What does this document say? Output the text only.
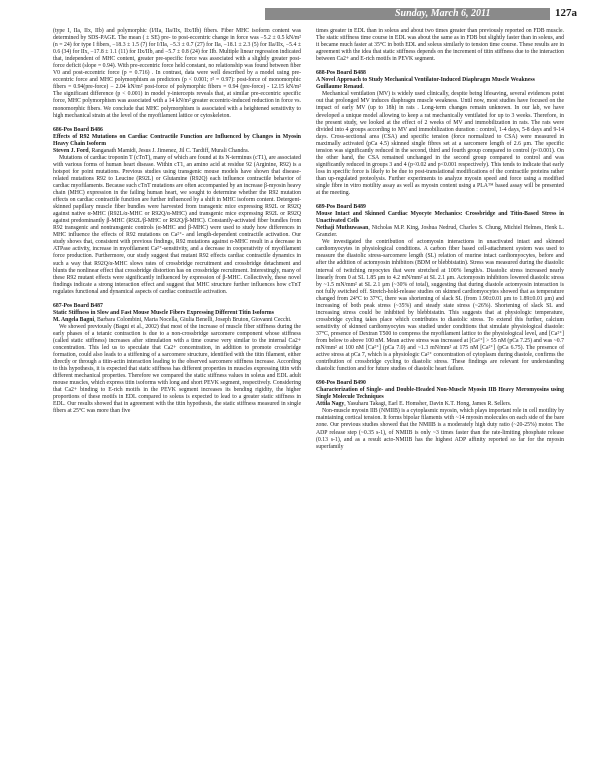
Sunday, March 6, 2011	127a

(type I, IIa, IIx, IIb) and polymorphic (I/IIa, IIa/IIx, IIx/IIb) fibers. Fiber MHC isoform content was determined by SDS-PAGE. The mean ( ± SE) pre- to post-eccentric change in force was −5.2 ± 0.5 kN/m² (n = 24) for type I fibers, −18.3 ± 1.5 (7) for I/IIa, −5.3 ± 0.7 (27) for IIa, −18.1 ± 2.3 (5) for IIa/IIx, −5.4 ± 0.6 (34) for IIx, −17.8 ± 1.1 (11) for IIx/IIb, and −5.7 ± 0.8 (24) for IIb. Multiple linear regression indicated that, independent of MHC content, greater pre-specific force was associated with a slightly greater post-force deficit (slope = 0.94). With pre-eccentric force held constant, no relationship was found between fiber V0 and post-eccentric force (p = 0.716) . In contrast, data were well described by a model using pre-eccentric force and MHC polymorphism as predictors (p < 0.001; r² = 0.97): post-force of monomorphic fibers = 0.94(pre-force) − 2.04 kN/m² post-force of polymorphic fibers = 0.94 (pre-force) - 12.15 kN/m² The significant difference (p < 0.001) in model y-intercepts reveals that, at similar pre-eccentric specific force, MHC polymorphism was associated with a 14 kN/m² greater eccentric-induced reduction in force vs. monomorphic fibers. We conclude that MHC polymorphism is associated with a heightened sensitivity to high mechanical strain at the level of the myofilament lattice or cytoskeleton.

686-Pos Board B486
Effects of R92 Mutations on Cardiac Contractile Function are Influenced by Changes in Myosin Heavy Chain Isoform
Steven J. Ford, Ranganath Mamidi, Jesus J. Jimenez, Jil C. Tardiff, Murali Chandra.

Mutations of cardiac troponin T (cTnT), many of which are found at its N-terminus (cT1), are associated with various forms of human heart disease. Within cT1, an amino acid at residue 92 (Arginine, R92) is a hotspot for point mutations. Previous studies using transgenic mouse models have shown that disease-related mutations R92 to Leucine (R92L) or Glutamine (R92Q) each influence contractile behavior of cardiac myofilaments. Because such cTnT mutations are often accompanied by an increase β-myosin heavy chain (MHC) expression in the failing human heart, we sought to determine whether the R92 mutation effects on cardiac contractile function are further influenced by a shift in MHC isoform content. Detergent-skinned papillary muscle fiber bundles were harvested from transgenic mice expressing R92L or R92Q against native α-MHC (R92L/α-MHC or R92Q/α-MHC) and transgenic mice expressing R92L or R92Q against predominantly β-MHC (R92L/β-MHC or R92Q/β-MHC). Constantly-activated fiber bundles from R92 transgenic and nontransgenic controls (α-MHC and β-MHC) were used to study how differences in MHC influence the effects of R92 mutations on Ca²⁺- and length-dependent contractile activation. Our study shows that, consistent with previous findings, R92 mutations against α-MHC result in a decrease in ATPase activity, increase in myofilament Ca²⁺-sensitivity, and a decrease in cooperativity of myofilament force production. Furthermore, our study suggest that mutant R92 effects cardiac contractile dynamics in such a way that R92Q/α-MHC slows rates of crossbridge recruitment and crossbridge detachment and blunts the nonlinear effect that crossbridge distortion has on crossbridge recruitment. Interestingly, many of these R92 mutant effects were significantly influenced by expression of β-MHC. Collectively, these novel findings indicate a strong interaction effect and suggest that MHC structure further influences how cTnT regulates functional and dynamical aspects of cardiac contractile activation.

687-Pos Board B487
Static Stiffness in Slow and Fast Mouse Muscle Fibers Expressing Different Titin Isoforms
M. Angela Bagni, Barbara Colombini, Marta Nocella, Giulia Benelli, Joseph Bruton, Giovanni Cecchi.

We showed previously (Bagni et al., 2002) that most of the increase of muscle fiber stiffness during the early phases of a tetanic contraction is due to a non-crossbridge sarcomere component whose stiffness (called static stiffness) increases after stimulation with a time course very similar to the internal Ca2+ concentration. This led us to speculate that Ca2+ concentration, in addition to promote crossbridge formation, could also leads to a stiffening of a sarcomere structure, identified with the titin filament, either directly or through a titin-actin interaction leading to the observed sarcomere stiffness increase. According to this hypothesis, it is expected that static stiffness has different properties in muscles expressing titin with different mechanical properties. Therefore we compared the static stiffness values in soleus and EDL adult mouse muscles, which express titin isoforms with long and short PEVK segment, respectively. Considering that Ca2+ binding to E-rich motifs in the PEVK segment increases its bending rigidity, the higher proportions of these motifs in EDL compared to soleus is expected to lead to a greater static stiffness in EDL. Our results showed that in agreement with the titin hypothesis, the static stiffness measured in single fibers at 25°C was more than five

times greater in EDL than in soleus and about two times greater than previously reported on FDB muscle. The static stiffness time course in EDL was about the same as in FDB but slightly faster than in soleus, and it became much faster at 35°C in both EDL and soleus similarly to tension time course. These results are in agreement with the idea that static stiffness depends on the increment of titin stiffness due to the interaction between Ca2+ and E-rich motifs in PEVK segment.

688-Pos Board B488
A Novel Approach to Study Mechanical Ventilator-Induced Diaphragm Muscle Weakness
Guillaume Renaud.

Mechanical ventilation (MV) is widely used clinically, despite being lifesaving, several evidences point out that prolonged MV induces diaphragm muscle weakness. Until now, most studies have focused on the impact of early MV (up to 18h) in rats . Long-term changes remain unknown. In our lab, we have developed a unique model allowing to keep a rat mechanically ventilated for up to 3 weeks. Therefore, in the present study, we looked at the effect of 2 weeks of MV and immobilization in rats. The rats were divided into 4 groups according to MV and immobilization duration : control, 1-4 days, 5-8 days and 9-14 days. Cross-sectional area (CSA) and specific tension (force normalized to CSA) were measured in maximally activated (pCa 4.5) skinned single fibres set at a sarcomere length of 2.6 μm. The specific tension was significantly reduced in the second, third and fourth group compared to control (p<0.001). On the other hand, the CSA remained unchanged in the second group compared to control and was significantly reduced in groups 3 and 4 (p<0.02 and p<0.001 respectively). This tends to indicate that early loss in specific force is likely to be due to post-translational modifications of the contractile proteins rather than up-regulated proteolysis. Further experiments to analyze myosin speed and force using a modified single fibre in vitro motility assay as well as myosin content using a PLA™ based assay will be presented at the meeting.

689-Pos Board B489
Mouse Intact and Skinned Cardiac Myocyte Mechanics: Crossbridge and Titin-Based Stress in Unactivated Cells
Nethaji Muthuwasan, Nicholas M.P. King, Joshua Nedrud, Charles S. Chung, Michiel Helmes, Henk L. Granzier.

We investigated the contribution of actomyosin interactions in unactivated intact and skinned cardiomyocytes in physiological conditions. A carbon fiber based cell-attachment system was used to measure the diastolic stress-sarcomere length (SL) relation of murine intact cardiomyocytes, before and after the addition of actomyosin inhibitors (BDM or blebbistatin). Stress was measured during the diastolic interval of twitching myocytes that were stretched at 100% length/s. Diastolic stress increased nearly linearly from 0 at SL 1.85 μm to 4.2 mN/mm² at SL 2.1 μm. Actomyosin inhibitors lowered diastolic stress by ~1.5 mN/mm² at SL 2.1 μm (~30% of total), suggesting that during diastole actomyosin interaction is not fully switched off. Stretch-hold-release studies on skinned cardiomyocytes showed that as temperature changed from 24°C to 37°C, there was shortening of slack SL (from 1.90±0.01 μm to 1.89±0.01 μm) and increasing of both peak stress (~35%) and steady state stress (~26%). Shortening of slack SL and increasing stress could be inhibited by blebbistatin. This suggests that at physiologic temperature, crossbridge cycling takes place which contributes to diastolic stress. To extend this further, calcium sensitivity of skinned cardiomyocytes was studied under conditions that simulate physiological diastole: 37°C, presence of Dextran T500 to compress the myofilament lattice to the physiological level, and [Ca²⁺] from below to above 100 nM. Mean active stress was increased at [Ca²⁺] > 55 nM (pCa 7.25) and was ~0.7 mN/mm² at 100 nM [Ca²⁺] (pCa 7.0) and ~1.3 mN/mm² at 175 nM [Ca²⁺] (pCa 6.75). The presence of active stress at pCa 7, which is a physiologic Ca²⁺ concentration of cytoplasm during diastole, confirms the contribution of crossbridge cycling to diastolic stress. These findings are relevant for understanding diastolic function and for future studies of diastolic heart failure.

690-Pos Board B490
Characterization of Single- and Double-Headed Non-Muscle Myosin IIB Heavy Meromyosins using Single Molecule Techniques
Attila Nagy, Yasuharu Takagi, Earl E. Homsher, Davin K.T. Hong, James R. Sellers.

Non-muscle myosin IIB (NMIIB) is a cytoplasmic myosin, which plays important role in cell motility by maintaining cortical tension. It forms bipolar filaments with ~14 myosin molecules on each side of the bare zone. Our previous studies showed that the NMIIB is a moderately high duty ratio (~20-25%) motor. The ADP release step (~0.35 s-1), of NMIIB is only ~3 times faster than the rate-limiting phosphate release (0.13 s-1), and as a result acto-NMIIB has the highest ADP affinity reported so far for the myosin superfamily
